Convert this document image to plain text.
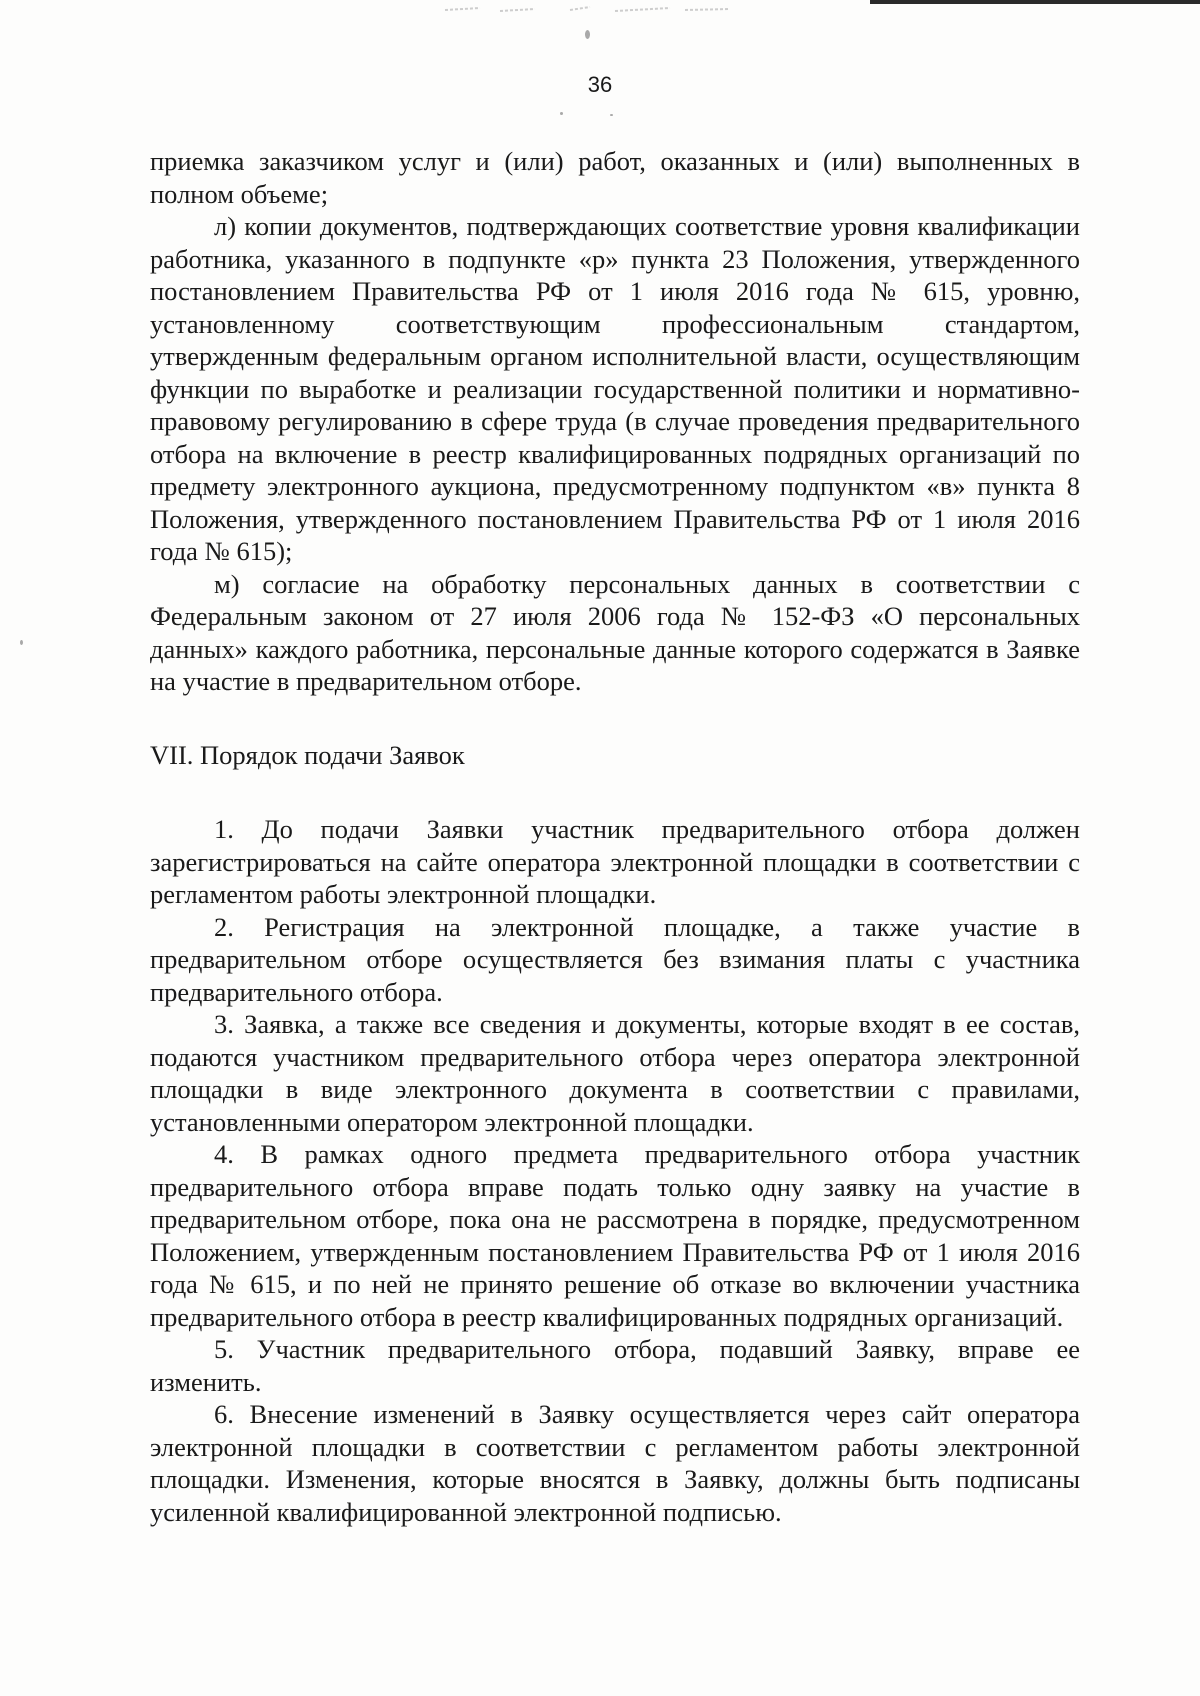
36

приемка заказчиком услуг и (или) работ, оказанных и (или) выполненных в полном объеме;

л) копии документов, подтверждающих соответствие уровня квалификации работника, указанного в подпункте «р» пункта 23 Положения, утвержденного постановлением Правительства РФ от 1 июля 2016 года № 615, уровню, установленному соответствующим профессиональным стандартом, утвержденным федеральным органом исполнительной власти, осуществляющим функции по выработке и реализации государственной политики и нормативно-правовому регулированию в сфере труда (в случае проведения предварительного отбора на включение в реестр квалифицированных подрядных организаций по предмету электронного аукциона, предусмотренному подпунктом «в» пункта 8 Положения, утвержденного постановлением Правительства РФ от 1 июля 2016 года № 615);

м) согласие на обработку персональных данных в соответствии с Федеральным законом от 27 июля 2006 года № 152-ФЗ «О персональных данных» каждого работника, персональные данные которого содержатся в Заявке на участие в предварительном отборе.

VII. Порядок подачи Заявок

1. До подачи Заявки участник предварительного отбора должен зарегистрироваться на сайте оператора электронной площадки в соответствии с регламентом работы электронной площадки.

2. Регистрация на электронной площадке, а также участие в предварительном отборе осуществляется без взимания платы с участника предварительного отбора.

3. Заявка, а также все сведения и документы, которые входят в ее состав, подаются участником предварительного отбора через оператора электронной площадки в виде электронного документа в соответствии с правилами, установленными оператором электронной площадки.

4. В рамках одного предмета предварительного отбора участник предварительного отбора вправе подать только одну заявку на участие в предварительном отборе, пока она не рассмотрена в порядке, предусмотренном Положением, утвержденным постановлением Правительства РФ от 1 июля 2016 года № 615, и по ней не принято решение об отказе во включении участника предварительного отбора в реестр квалифицированных подрядных организаций.

5. Участник предварительного отбора, подавший Заявку, вправе ее изменить.

6. Внесение изменений в Заявку осуществляется через сайт оператора электронной площадки в соответствии с регламентом работы электронной площадки. Изменения, которые вносятся в Заявку, должны быть подписаны усиленной квалифицированной электронной подписью.
